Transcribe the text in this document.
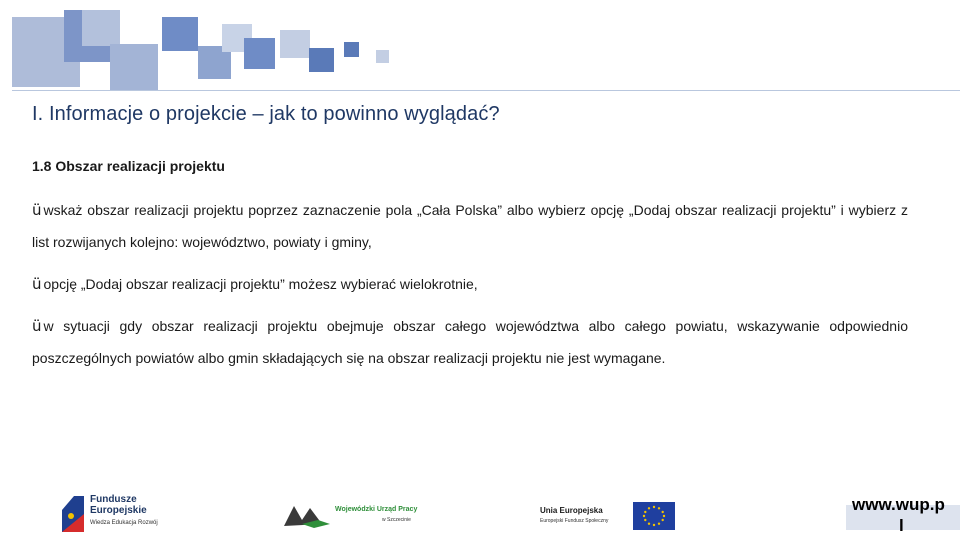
I. Informacje o projekcie – jak to powinno wyglądać?
1.8 Obszar realizacji projektu
ü wskaż obszar realizacji projektu poprzez zaznaczenie pola „Cała Polska” albo wybierz opcję „Dodaj obszar realizacji projektu” i wybierz z list rozwijanych kolejno: województwo, powiaty i gminy,
ü opcję „Dodaj obszar realizacji projektu” możesz wybierać wielokrotnie,
ü w sytuacji gdy obszar realizacji projektu obejmuje obszar całego województwa albo całego powiatu, wskazywanie odpowiednio poszczególnych powiatów albo gmin składających się na obszar realizacji projektu nie jest wymagane.
Fundusze
Europejskie
Wiedza Edukacja Rozwój
Wojewódzki Urząd Pracy
w Szczecinie
Unia Europejska
Europejski Fundusz Społeczny
www.wup.p
l
